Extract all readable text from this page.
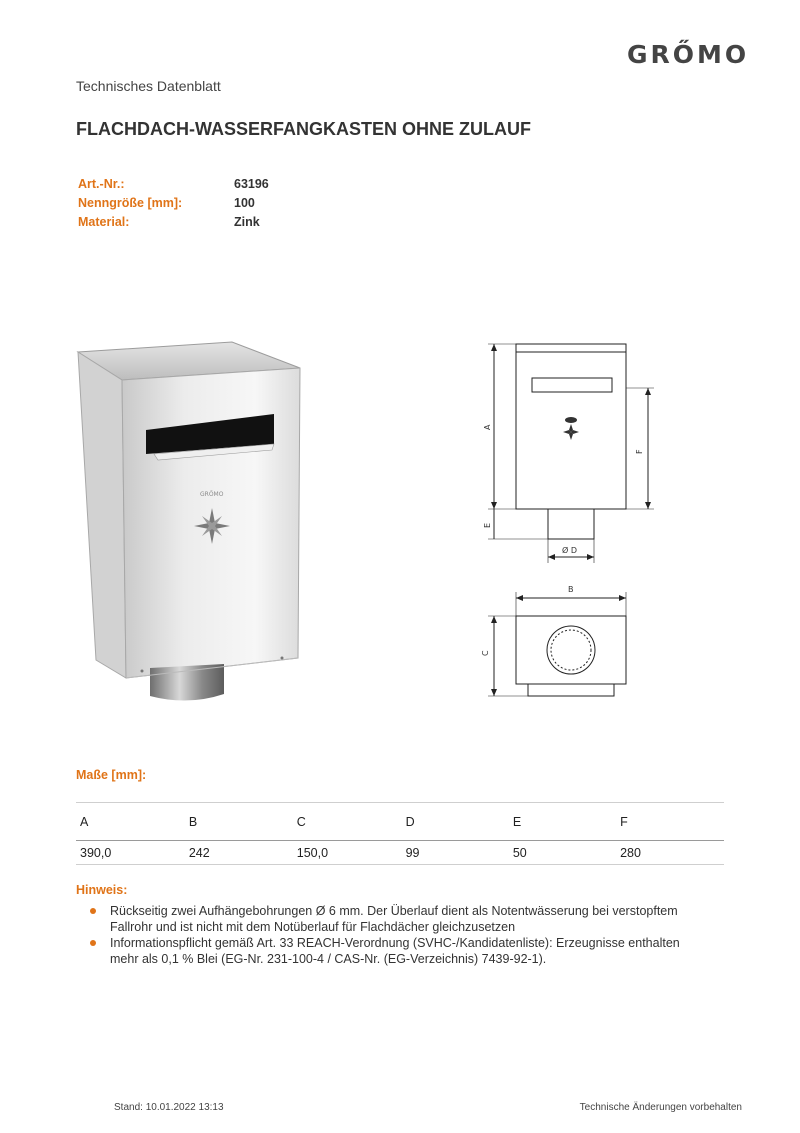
GRŐMO
Technisches Datenblatt
FLACHDACH-WASSERFANGKASTEN OHNE ZULAUF
Art.-Nr.:	63196
Nenngröße [mm]:	100
Material:	Zink
GRŐMO
A
E
F
Ø D
B
C
Maße [mm]:
A	B	C	D	E	F
390,0	242	150,0	99	50	280
Hinweis:
Rückseitig zwei Aufhängebohrungen Ø 6 mm. Der Überlauf dient als Notentwässerung bei verstopftem Fallrohr und ist nicht mit dem Notüberlauf für Flachdächer gleichzusetzen
Informationspflicht gemäß Art. 33 REACH-Verordnung (SVHC-/Kandidatenliste): Erzeugnisse enthalten mehr als 0,1 % Blei (EG-Nr. 231-100-4 / CAS-Nr. (EG-Verzeichnis) 7439-92-1).
Stand: 10.01.2022 13:13	Technische Änderungen vorbehalten
